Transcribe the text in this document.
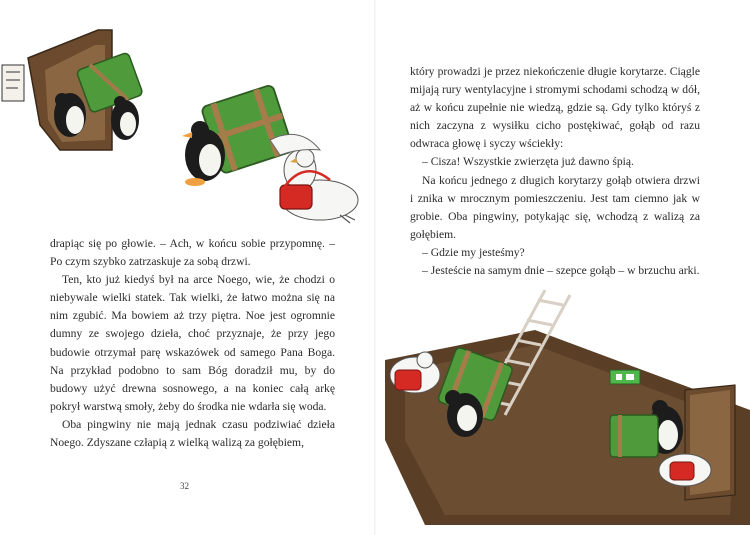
drapiąc się po głowie. – Ach, w końcu sobie przypomnę. – Po czym szybko zatrzaskuje za sobą drzwi.

Ten, kto już kiedyś był na arce Noego, wie, że chodzi o niebywale wielki statek. Tak wielki, że łatwo można się na nim zgubić. Ma bowiem aż trzy piętra. Noe jest ogromnie dumny ze swojego dzieła, choć przyznaje, że przy jego budowie otrzymał parę wskazówek od samego Pana Boga. Na przykład podobno to sam Bóg doradził mu, by do budowy użyć drewna sosnowego, a na koniec całą arkę pokrył warstwą smoły, żeby do środka nie wdarła się woda.

Oba pingwiny nie mają jednak czasu podziwiać dzieła Noego. Zdyszane człapią z wielką walizą za gołębiem,

32

który prowadzi je przez niekończenie długie korytarze. Ciągle mijają rury wentylacyjne i stromymi schodami schodzą w dół, aż w końcu zupełnie nie wiedzą, gdzie są. Gdy tylko któryś z nich zaczyna z wysiłku cicho postękiwać, gołąb od razu odwraca głowę i syczy wściekły:

– Cisza! Wszystkie zwierzęta już dawno śpią.

Na końcu jednego z długich korytarzy gołąb otwiera drzwi i znika w mrocznym pomieszczeniu. Jest tam ciemno jak w grobie. Oba pingwiny, potykając się, wchodzą z walizą za gołębiem.

– Gdzie my jesteśmy?

– Jesteście na samym dnie – szepce gołąb – w brzuchu arki.
